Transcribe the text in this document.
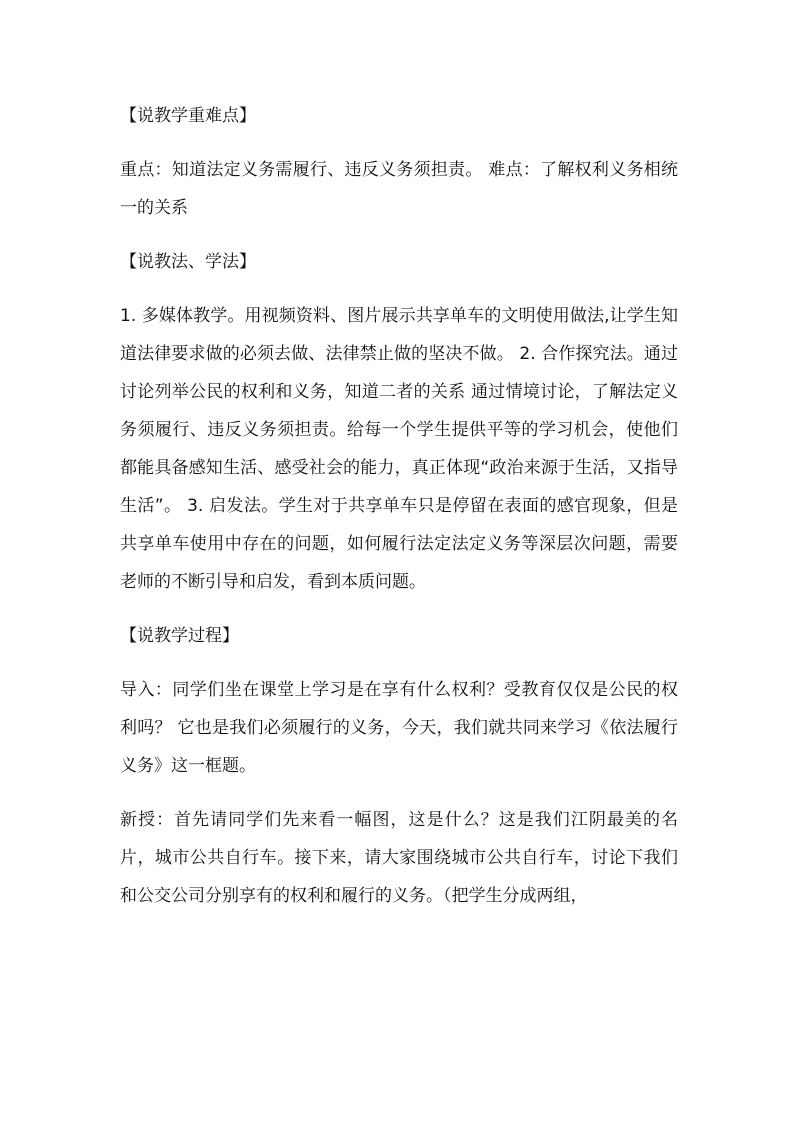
【说教学重难点】
重点：知道法定义务需履行、违反义务须担责。 难点：了解权利义务相统一的关系
【说教法、学法】
1. 多媒体教学。用视频资料、图片展示共享单车的文明使用做法,让学生知道法律要求做的必须去做、法律禁止做的坚决不做。 2. 合作探究法。通过讨论列举公民的权利和义务，知道二者的关系 通过情境讨论，了解法定义务须履行、违反义务须担责。给每一个学生提供平等的学习机会，使他们都能具备感知生活、感受社会的能力，真正体现“政治来源于生活，又指导生活”。 3. 启发法。学生对于共享单车只是停留在表面的感官现象，但是共享单车使用中存在的问题，如何履行法定法定义务等深层次问题，需要老师的不断引导和启发，看到本质问题。
【说教学过程】
导入：同学们坐在课堂上学习是在享有什么权利？受教育仅仅是公民的权利吗？ 它也是我们必须履行的义务，今天，我们就共同来学习《依法履行义务》这一框题。
新授：首先请同学们先来看一幅图，这是什么？这是我们江阴最美的名片，城市公共自行车。接下来，请大家围绕城市公共自行车，讨论下我们和公交公司分别享有的权利和履行的义务。（把学生分成两组，
